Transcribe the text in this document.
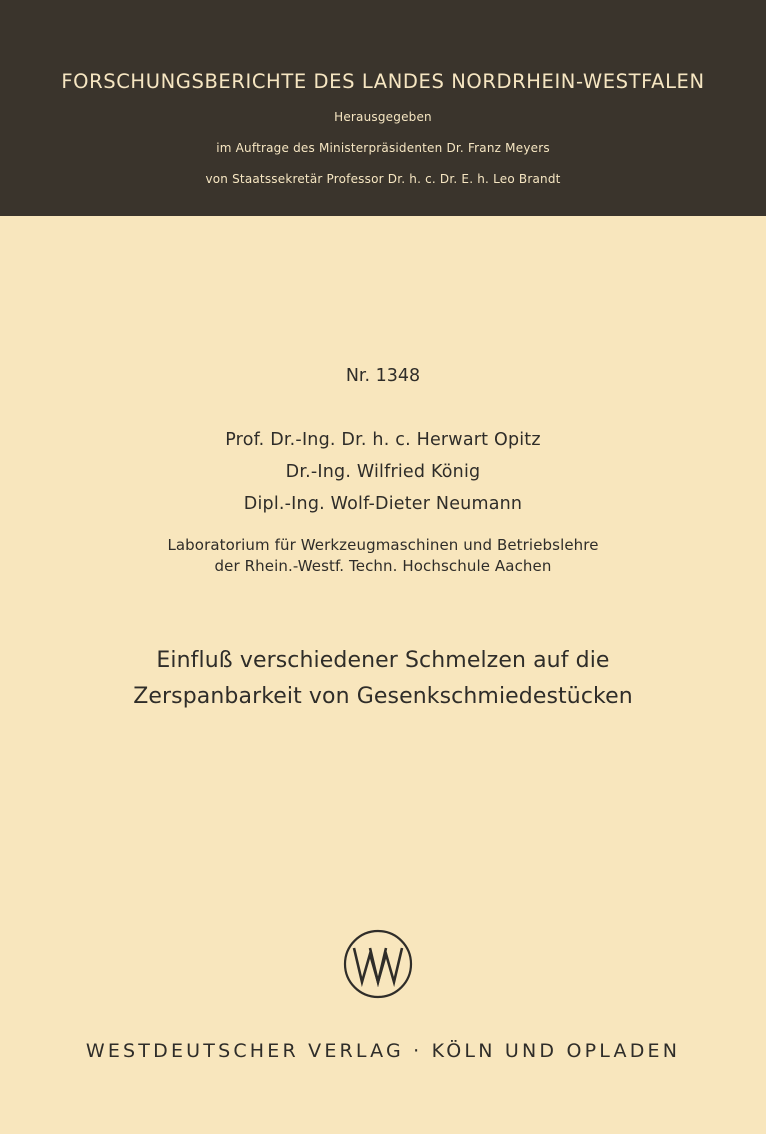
FORSCHUNGSBERICHTE DES LANDES NORDRHEIN-WESTFALEN
Herausgegeben
im Auftrage des Ministerpräsidenten Dr. Franz Meyers
von Staatssekretär Professor Dr. h. c. Dr. E. h. Leo Brandt
Nr. 1348
Prof. Dr.-Ing. Dr. h. c. Herwart Opitz
Dr.-Ing. Wilfried König
Dipl.-Ing. Wolf-Dieter Neumann
Laboratorium für Werkzeugmaschinen und Betriebslehre
der Rhein.-Westf. Techn. Hochschule Aachen
Einfluß verschiedener Schmelzen auf die
Zerspanbarkeit von Gesenkschmiedestücken
WESTDEUTSCHER VERLAG · KÖLN UND OPLADEN
